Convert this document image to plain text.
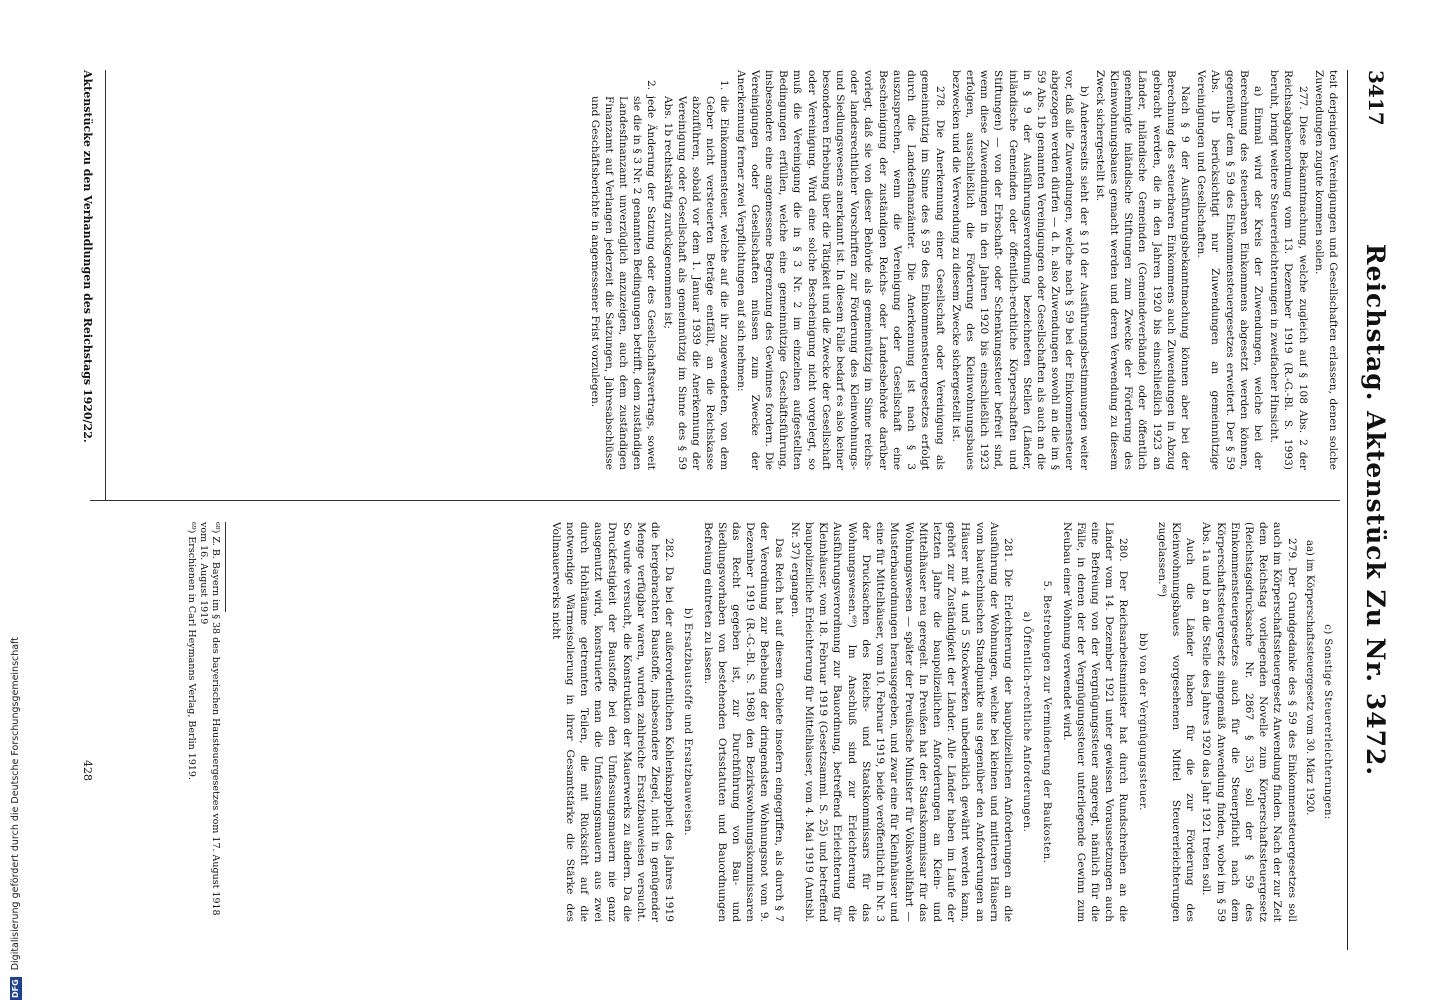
3417
Reichstag. Aktenstück Zu Nr. 3472.

teit derjenigen Vereinigungen und Gesellschaften erlassen, denen solche Zuwendungen zugute kommen sollen.

277. Diese Bekanntmachung, welche zugleich auf § 108 Abs. 2 der Reichsabgabenordnung vom 13. Dezember 1919 (R.-G.-Bl. S. 1993) beruht, bringt weitere Steuererleichterungen in zweifacher Hinsicht.

a) Einmal wird der Kreis der Zuwendungen, welche bei der Berechnung des steuerbaren Einkommens abgesetzt werden können, gegenüber dem § 59 des Einkommensteuergesetzes erweitert. Der § 59 Abs. 1b berücksichtigt nur Zuwendungen an gemeinnützige Vereinigungen und Gesellschaften.

Nach § 9 der Ausführungsbekanntmachung können aber bei der Berechnung des steuerbaren Einkommens auch Zuwendungen in Abzug gebracht werden, die in den Jahren 1920 bis einschließlich 1923 an Länder, inländische Gemeinden (Gemeindeverbände) oder öffentlich genehmigte inländische Stiftungen zum Zwecke der Förderung des Kleinwohnungsbaues gemacht werden und deren Verwendung zu diesem Zweck sichergestellt ist.

b) Andererseits sieht der § 10 der Ausführungsbestimmungen weiter vor, daß alle Zuwendungen, welche nach § 59 bei der Einkommensteuer abgezogen werden dürfen — d. h. also Zuwendungen sowohl an die im § 59 Abs. 1b genannten Vereinigungen oder Gesellschaften als auch an die in § 9 der Ausführungsverordnung bezeichneten Stellen (Länder, inländische Gemeinden oder öffentlich-rechtliche Körperschaften und Stiftungen) — von der Erbschaft- oder Schenkungssteuer befreit sind, wenn diese Zuwendungen in den Jahren 1920 bis einschließlich 1923 erfolgen, ausschließlich die Förderung des Kleinwohnungsbaues bezwecken und die Verwendung zu diesem Zwecke sichergestellt ist.

278. Die Anerkennung einer Gesellschaft oder Vereinigung als gemeinnützig im Sinne des § 59 des Einkommensteuergesetzes erfolgt durch die Landesfinanzämter. Die Anerkennung ist nach § 3 auszusprechen, wenn die Vereinigung oder Gesellschaft eine Bescheinigung der zuständigen Reichs- oder Landesbehörde darüber vorlegt, daß sie von dieser Behörde als gemeinnützig im Sinne reichs- oder landesrechtlicher Vorschriften zur Förderung des Kleinwohnungs- und Siedlungswesens anerkannt ist. In diesem Falle bedarf es also keiner besonderen Erhebung über die Tätigkeit und die Zwecke der Gesellschaft oder Vereinigung. Wird eine solche Bescheinigung nicht vorgelegt, so muß die Vereinigung die in § 3 Nr. 2 im einzelnen aufgestellten Bedingungen erfüllen, welche eine gemeinnützige Geschäftsführung, insbesondere eine angemessene Begrenzung des Gewinnes fordern. Die Vereinigungen oder Gesellschaften müssen zum Zwecke der Anerkennung ferner zwei Verpflichtungen auf sich nehmen:

1. die Einkommensteuer, welche auf die ihr zugewendeten, von dem Geber nicht versteuerten Beträge entfällt, an die Reichskasse abzuführen, sobald vor dem 1. Januar 1939 die Anerkennung der Vereinigung oder Gesellschaft als gemeinnützig im Sinne des § 59 Abs. 1b rechtskräftig zurückgenommen ist;

2. jede Änderung der Satzung oder des Gesellschaftsvertrags, soweit sie die in § 3 Nr. 2 genannten Bedingungen betrifft, dem zuständigen Landesfinanzamt unverzüglich anzuzeigen, auch dem zuständigen Finanzamt auf Verlangen jederzeit die Satzungen, Jahresabschlüsse und Geschäftsberichte in angemessener Frist vorzulegen.

c) Sonstige Steuererleichterungen:
aa) im Körperschaftssteuergesetz vom 30. März 1920.

279. Der Grundgedanke des § 59 des Einkommensteuergesetzes soll auch im Körperschaftssteuergesetz Anwendung finden. Nach der zur Zeit dem Reichstag vorliegenden Novelle zum Körperschaftssteuergesetz (Reichstagsdrucksache Nr. 2867 § 35) soll der § 59 des Einkommensteuergesetzes auch für die Steuerpflicht nach dem Körperschaftssteuergesetz sinngemäß Anwendung finden, wobei im § 59 Abs. 1a und b an die Stelle des Jahres 1920 das Jahr 1921 treten soll.

Auch die Länder haben für die zur Förderung des Kleinwohnungsbaues vorgesehenen Mittel Steuererleichterungen zugelassen.⁶⁸)

bb) von der Vergnügungssteuer.

280. Der Reichsarbeitsminister hat durch Rundschreiben an die Länder vom 14. Dezember 1921 unter gewissen Voraussetzungen auch eine Befreiung von der Vergnügungssteuer angeregt, nämlich für die Fälle, in denen der der Vergnügungssteuer unterliegende Gewinn zum Neubau einer Wohnung verwendet wird.

5. Bestrebungen zur Verminderung der Baukosten.
a) Öffentlich-rechtliche Anforderungen.

281. Die Erleichterung der baupolizeilichen Anforderungen an die Ausführung der Wohnungen, welche bei kleinen und mittleren Häusern vom bautechnischen Standpunkte aus gegenüber den Anforderungen an Häuser mit 4 und 5 Stockwerken unbedenklich gewährt werden kann, gehört zur Zuständigkeit der Länder. Alle Länder haben im Laufe der letzten Jahre die baupolizeilichen Anforderungen an Klein- und Mittelhäuser neu geregelt. In Preußen hat der Staatskommissar für das Wohnungswesen — später der Preußische Minister für Volkswohlfahrt — Musterbauordnungen herausgegeben, und zwar eine für Kleinhäuser und eine für Mittelhäuser, vom 10. Februar 1919, beide veröffentlicht in Nr. 3 der Drucksachen des Reichs- und Staatskommissars für das Wohnungswesen.⁶⁹) Im Anschluß sind zur Erleichterung die Ausführungsverordnung zur Bauordnung, betreffend Erleichterung für Kleinhäuser, vom 18. Februar 1919 (Gesetzsamml. S. 25) und betreffend baupolizeiliche Erleichterung für Mittelhäuser, vom 4. Mai 1919 (Amtsbl. Nr. 37) ergangen.

Das Reich hat auf diesem Gebiete insofern eingegriffen, als durch § 7 der Verordnung zur Behebung der dringendsten Wohnungsnot vom 9. Dezember 1919 (R.-G.-Bl. S. 1968) den Bezirkswohnungskommissaren das Recht gegeben ist, zur Durchführung von Bau- und Siedlungsvorhaben von bestehenden Ortsstatuten und Bauordnungen Befreiung eintreten zu lassen.

b) Ersatzbaustoffe und Ersatzbauweisen.

282. Da bei der außerordentlichen Kohlenknappheit des Jahres 1919 die hergebrachten Baustoffe, insbesondere Ziegel, nicht in genügender Menge verfügbar waren, wurden zahlreiche Ersatzbauweisen versucht. So wurde versucht, die Konstruktion der Mauerwerks zu ändern. Da die Druckfestigkeit der Baustoffe bei den Umfassungsmauern nie ganz ausgenutzt wird, konstruierte man die Umfassungsmauern aus zwei durch Hohlräume getrennten Teilen, die mit Rücksicht auf die notwendige Wärmeisolierung in ihrer Gesamtstärke die Stärke des Vollmauerwerks nicht

⁶⁸) Z. B. Bayern im § 38 des bayerischen Hausteuergesetzes vom 17. August 1918

vom 16. August 1919

⁶⁹) Erschienen in Carl Heymanns Verlag, Berlin 1919.

Aktenstücke zu den Verhandlungen des Reichstags 1920/22.
428
DFG Digitalisierung gefördert durch die Deutsche Forschungsgemeinschaft
